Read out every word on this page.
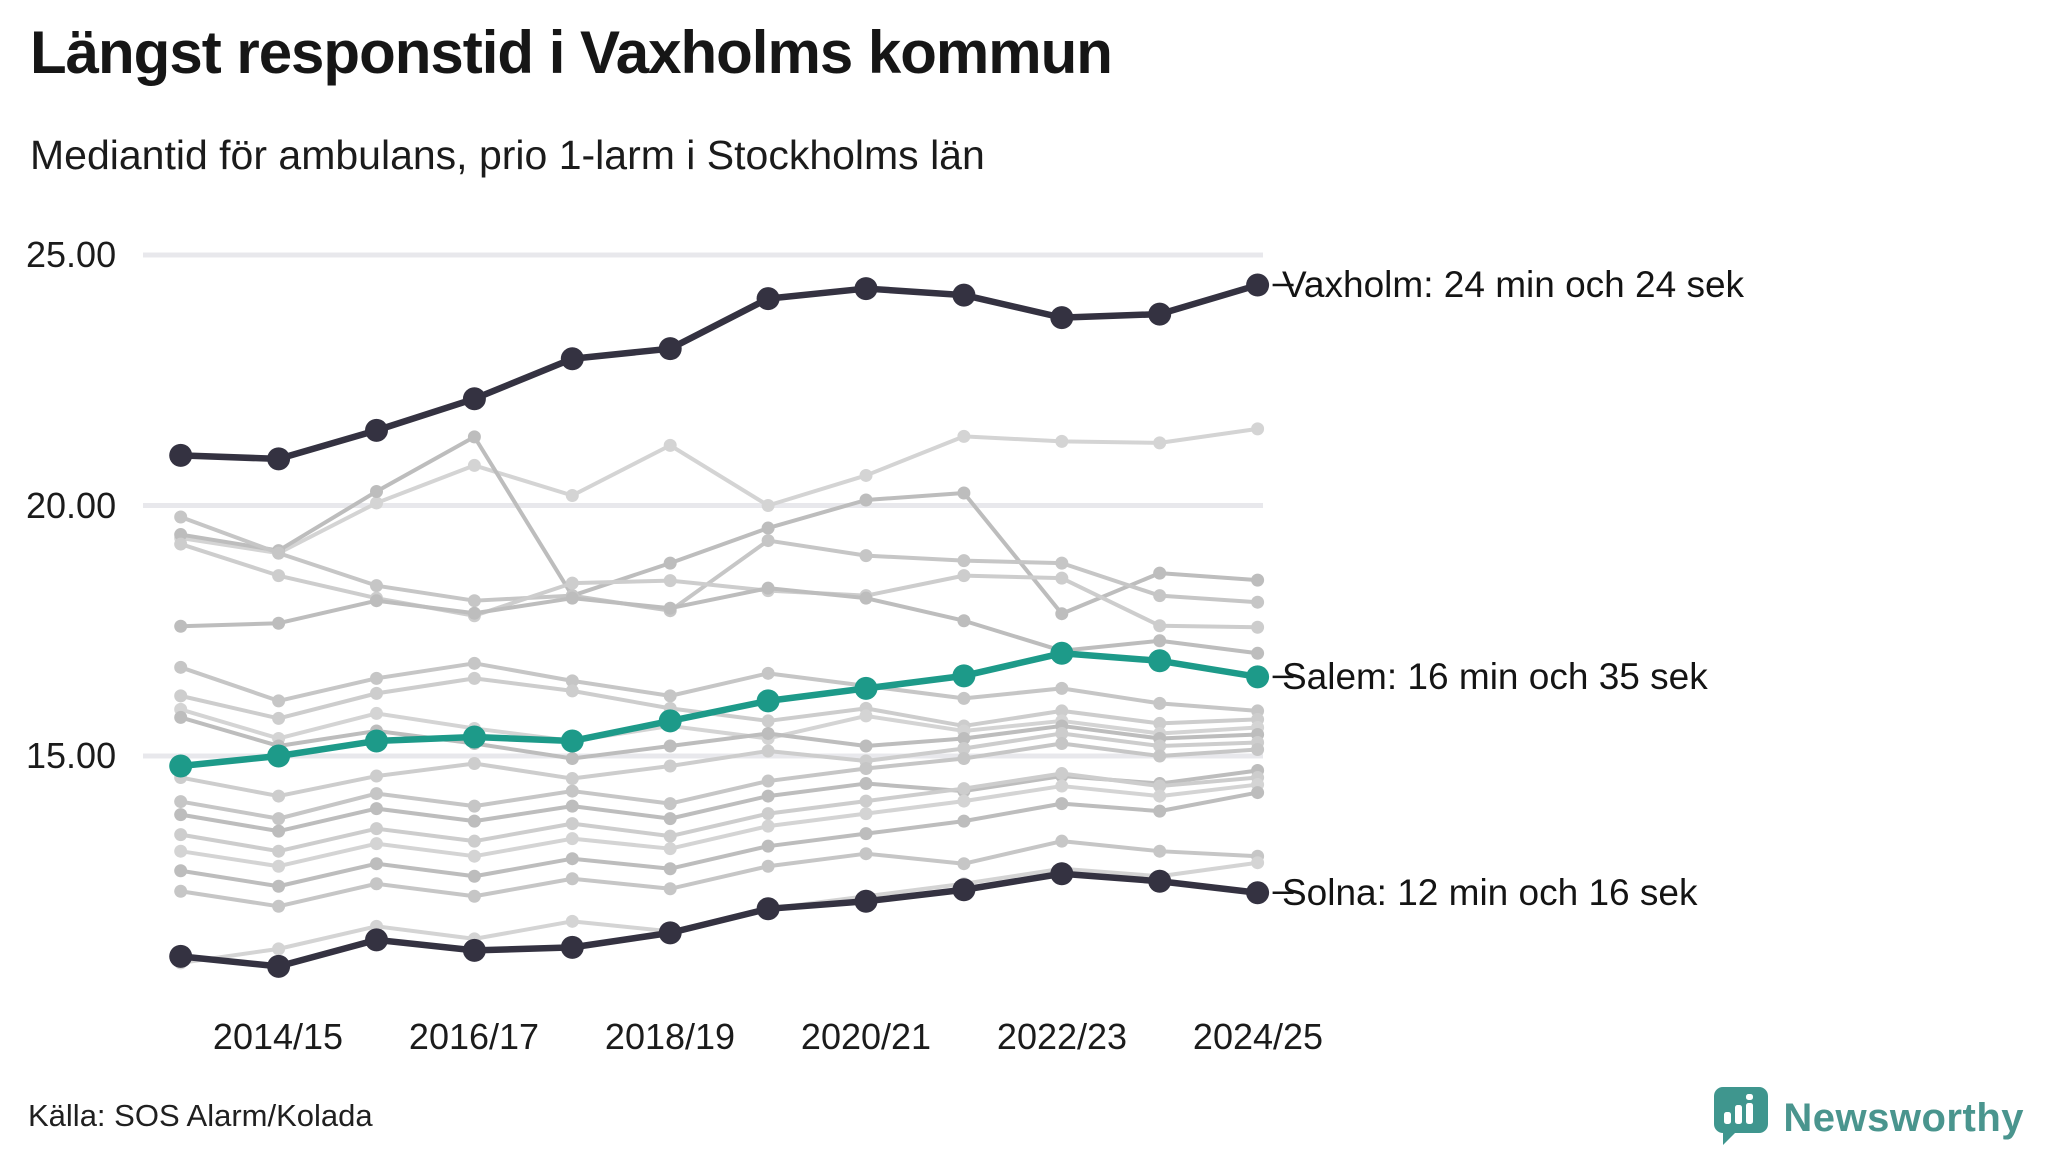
Längst responstid i Vaxholms kommun
Mediantid för ambulans, prio 1-larm i Stockholms län
25.00
20.00
15.00
2014/15	2016/17	2018/19	2020/21	2022/23	2024/25
Vaxholm: 24 min och 24 sek
Salem: 16 min och 35 sek
Solna: 12 min och 16 sek
Källa: SOS Alarm/Kolada	Newsworthy
